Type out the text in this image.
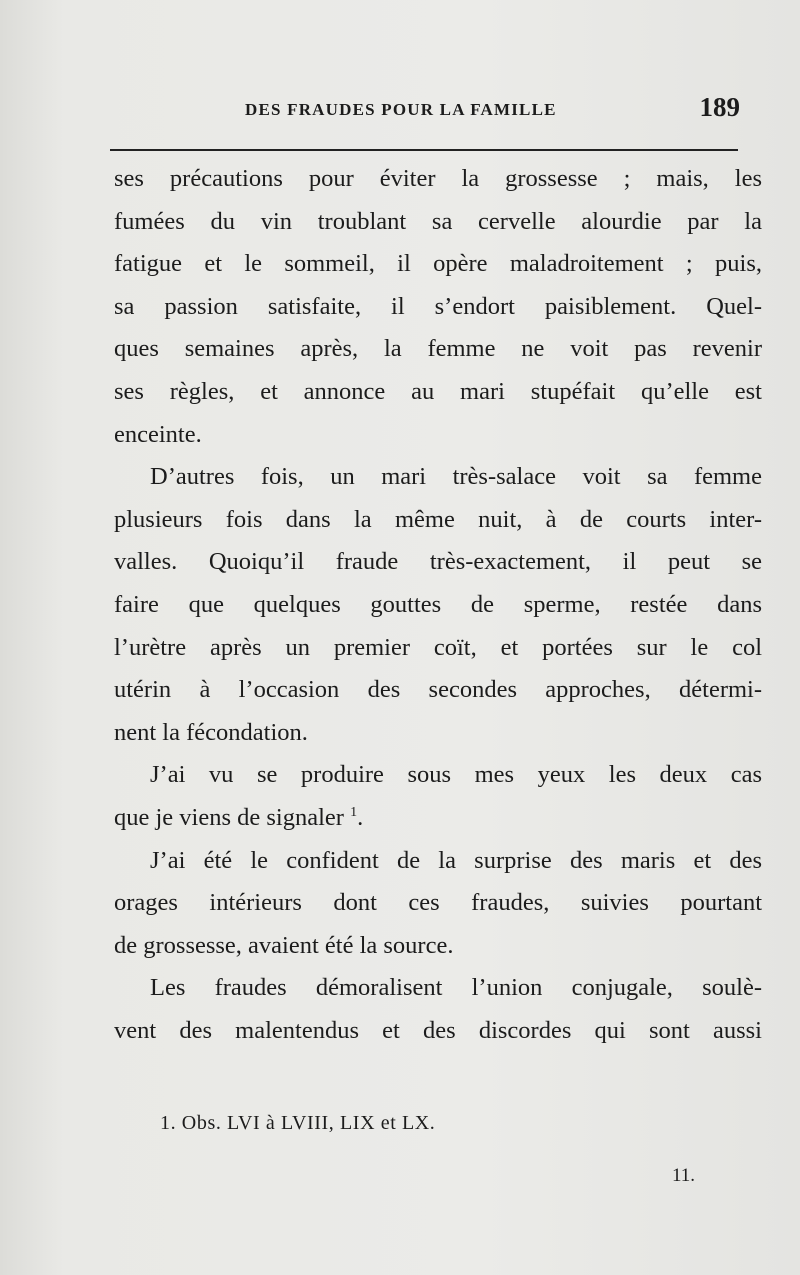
DES FRAUDES POUR LA FAMILLE	189
ses précautions pour éviter la grossesse ; mais, les
fumées du vin troublant sa cervelle alourdie par la
fatigue et le sommeil, il opère maladroitement ; puis,
sa passion satisfaite, il s’endort paisiblement. Quel-
ques semaines après, la femme ne voit pas revenir
ses règles, et annonce au mari stupéfait qu’elle est
enceinte.
D’autres fois, un mari très-salace voit sa femme
plusieurs fois dans la même nuit, à de courts inter-
valles. Quoiqu’il fraude très-exactement, il peut se
faire que quelques gouttes de sperme, restée dans
l’urètre après un premier coït, et portées sur le col
utérin à l’occasion des secondes approches, détermi-
nent la fécondation.
J’ai vu se produire sous mes yeux les deux cas
que je viens de signaler $^1$.
J’ai été le confident de la surprise des maris et des
orages intérieurs dont ces fraudes, suivies pourtant
de grossesse, avaient été la source.
Les fraudes démoralisent l’union conjugale, soulè-
vent des malentendus et des discordes qui sont aussi
1. Obs. LVI à LVIII, LIX et LX.
11.
